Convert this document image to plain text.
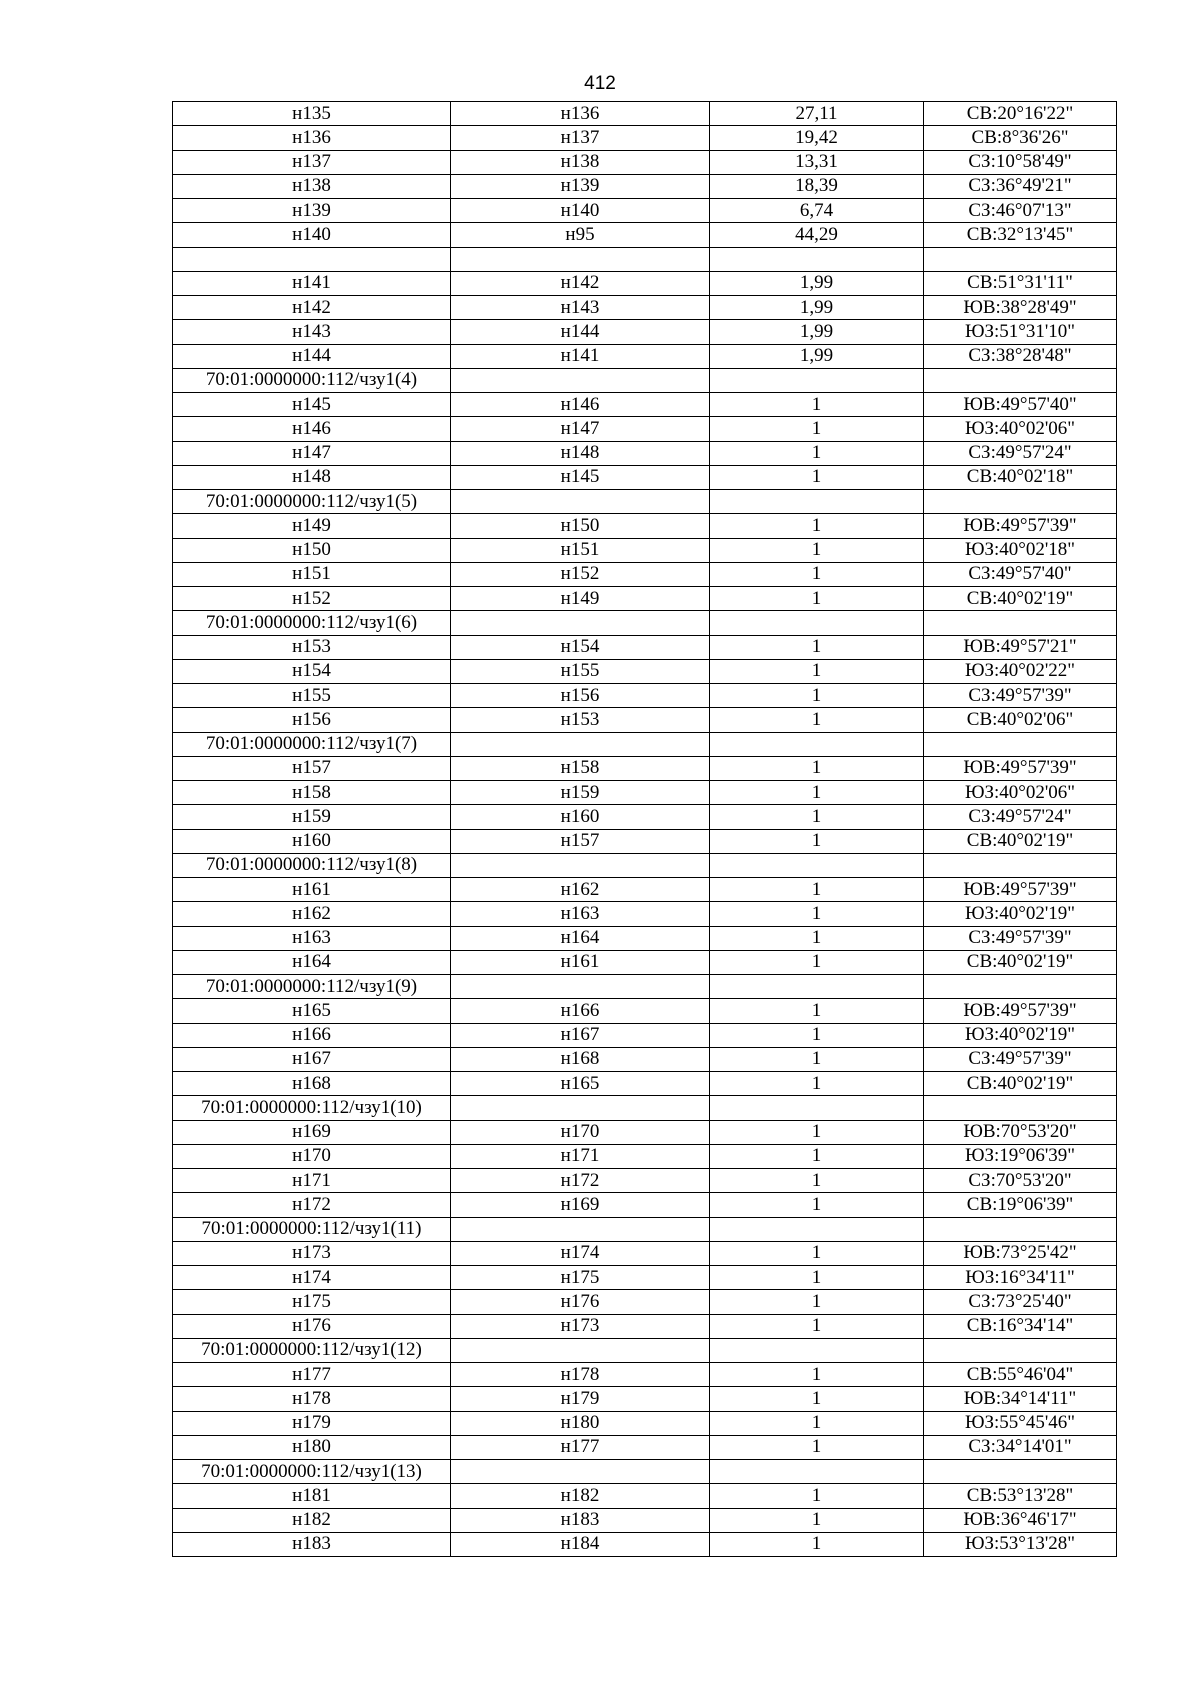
412
н135	н136	27,11	СВ:20°16'22"
н136	н137	19,42	СВ:8°36'26"
н137	н138	13,31	СЗ:10°58'49"
н138	н139	18,39	СЗ:36°49'21"
н139	н140	6,74	СЗ:46°07'13"
н140	н95	44,29	СВ:32°13'45"

н141	н142	1,99	СВ:51°31'11"
н142	н143	1,99	ЮВ:38°28'49"
н143	н144	1,99	ЮЗ:51°31'10"
н144	н141	1,99	СЗ:38°28'48"
70:01:0000000:112/чзу1(4)			
н145	н146	1	ЮВ:49°57'40"
н146	н147	1	ЮЗ:40°02'06"
н147	н148	1	СЗ:49°57'24"
н148	н145	1	СВ:40°02'18"
70:01:0000000:112/чзу1(5)			
н149	н150	1	ЮВ:49°57'39"
н150	н151	1	ЮЗ:40°02'18"
н151	н152	1	СЗ:49°57'40"
н152	н149	1	СВ:40°02'19"
70:01:0000000:112/чзу1(6)			
н153	н154	1	ЮВ:49°57'21"
н154	н155	1	ЮЗ:40°02'22"
н155	н156	1	СЗ:49°57'39"
н156	н153	1	СВ:40°02'06"
70:01:0000000:112/чзу1(7)			
н157	н158	1	ЮВ:49°57'39"
н158	н159	1	ЮЗ:40°02'06"
н159	н160	1	СЗ:49°57'24"
н160	н157	1	СВ:40°02'19"
70:01:0000000:112/чзу1(8)			
н161	н162	1	ЮВ:49°57'39"
н162	н163	1	ЮЗ:40°02'19"
н163	н164	1	СЗ:49°57'39"
н164	н161	1	СВ:40°02'19"
70:01:0000000:112/чзу1(9)			
н165	н166	1	ЮВ:49°57'39"
н166	н167	1	ЮЗ:40°02'19"
н167	н168	1	СЗ:49°57'39"
н168	н165	1	СВ:40°02'19"
70:01:0000000:112/чзу1(10)			
н169	н170	1	ЮВ:70°53'20"
н170	н171	1	ЮЗ:19°06'39"
н171	н172	1	СЗ:70°53'20"
н172	н169	1	СВ:19°06'39"
70:01:0000000:112/чзу1(11)			
н173	н174	1	ЮВ:73°25'42"
н174	н175	1	ЮЗ:16°34'11"
н175	н176	1	СЗ:73°25'40"
н176	н173	1	СВ:16°34'14"
70:01:0000000:112/чзу1(12)			
н177	н178	1	СВ:55°46'04"
н178	н179	1	ЮВ:34°14'11"
н179	н180	1	ЮЗ:55°45'46"
н180	н177	1	СЗ:34°14'01"
70:01:0000000:112/чзу1(13)			
н181	н182	1	СВ:53°13'28"
н182	н183	1	ЮВ:36°46'17"
н183	н184	1	ЮЗ:53°13'28"
